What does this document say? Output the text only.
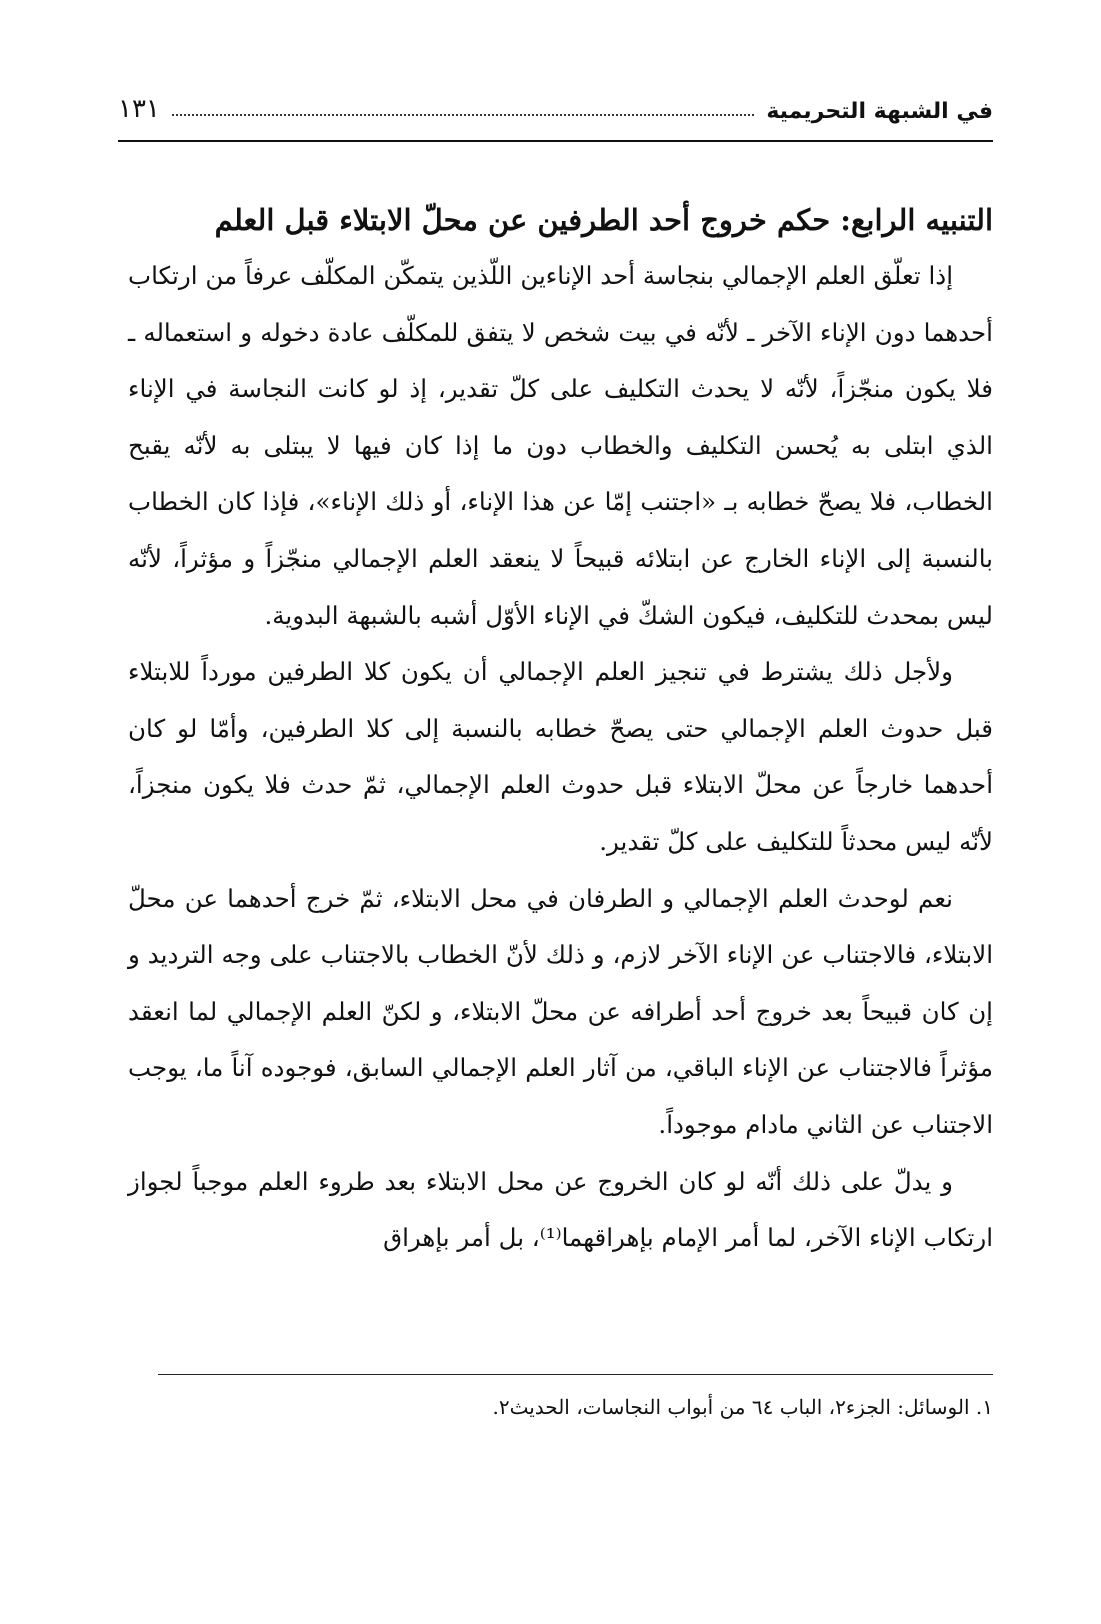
في الشبهة التحريمية
١٣١

التنبيه الرابع: حكم خروج أحد الطرفين عن محلّ الابتلاء قبل العلم

إذا تعلّق العلم الإجمالي بنجاسة أحد الإناءين اللّذين يتمكّن المكلّف عرفاً من ارتكاب أحدهما دون الإناء الآخر ـ لأنّه في بيت شخص لا يتفق للمكلّف عادة دخوله و استعماله ـ فلا يكون منجّزاً، لأنّه لا يحدث التكليف على كلّ تقدير، إذ لو كانت النجاسة في الإناء الذي ابتلى به يُحسن التكليف والخطاب دون ما إذا كان فيها لا يبتلى به لأنّه يقبح الخطاب، فلا يصحّ خطابه بـ «اجتنب إمّا عن هذا الإناء، أو ذلك الإناء»، فإذا كان الخطاب بالنسبة إلى الإناء الخارج عن ابتلائه قبيحاً لا ينعقد العلم الإجمالي منجّزاً و مؤثراً، لأنّه ليس بمحدث للتكليف، فيكون الشكّ في الإناء الأوّل أشبه بالشبهة البدوية.

ولأجل ذلك يشترط في تنجيز العلم الإجمالي أن يكون كلا الطرفين مورداً للابتلاء قبل حدوث العلم الإجمالي حتى يصحّ خطابه بالنسبة إلى كلا الطرفين، وأمّا لو كان أحدهما خارجاً عن محلّ الابتلاء قبل حدوث العلم الإجمالي، ثمّ حدث فلا يكون منجزاً، لأنّه ليس محدثاً للتكليف على كلّ تقدير.

نعم لوحدث العلم الإجمالي و الطرفان في محل الابتلاء، ثمّ خرج أحدهما عن محلّ الابتلاء، فالاجتناب عن الإناء الآخر لازم، و ذلك لأنّ الخطاب بالاجتناب على وجه الترديد و إن كان قبيحاً بعد خروج أحد أطرافه عن محلّ الابتلاء، و لكنّ العلم الإجمالي لما انعقد مؤثراً فالاجتناب عن الإناء الباقي، من آثار العلم الإجمالي السابق، فوجوده آناً ما، يوجب الاجتناب عن الثاني مادام موجوداً.

و يدلّ على ذلك أنّه لو كان الخروج عن محل الابتلاء بعد طروء العلم موجباً لجواز ارتكاب الإناء الآخر، لما أمر الإمام بإهراقهما⁽¹⁾، بل أمر بإهراق

١. الوسائل: الجزء٢، الباب ٦٤ من أبواب النجاسات، الحديث٢.
